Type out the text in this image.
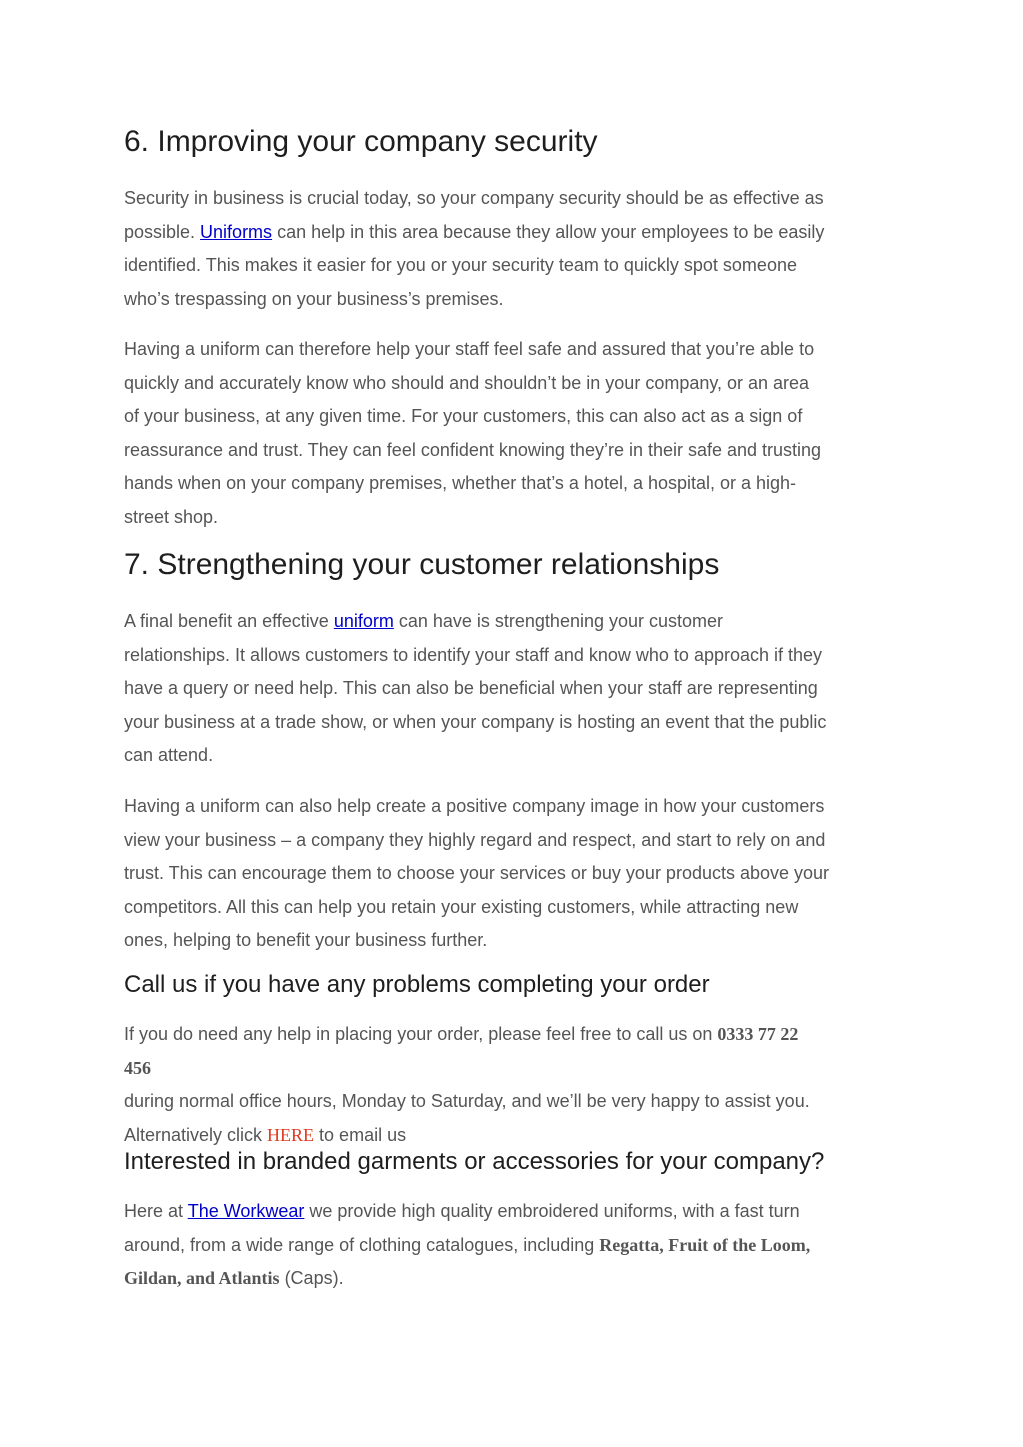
6. Improving your company security

Security in business is crucial today, so your company security should be as effective as
possible. Uniforms can help in this area because they allow your employees to be easily
identified. This makes it easier for you or your security team to quickly spot someone
who’s trespassing on your business’s premises.

Having a uniform can therefore help your staff feel safe and assured that you’re able to
quickly and accurately know who should and shouldn’t be in your company, or an area
of your business, at any given time. For your customers, this can also act as a sign of
reassurance and trust. They can feel confident knowing they’re in their safe and trusting
hands when on your company premises, whether that’s a hotel, a hospital, or a high-
street shop.

7. Strengthening your customer relationships

A final benefit an effective uniform can have is strengthening your customer
relationships. It allows customers to identify your staff and know who to approach if they
have a query or need help. This can also be beneficial when your staff are representing
your business at a trade show, or when your company is hosting an event that the public
can attend.

Having a uniform can also help create a positive company image in how your customers
view your business – a company they highly regard and respect, and start to rely on and
trust. This can encourage them to choose your services or buy your products above your
competitors. All this can help you retain your existing customers, while attracting new
ones, helping to benefit your business further.

Call us if you have any problems completing your order

If you do need any help in placing your order, please feel free to call us on 0333 77 22
456
during normal office hours, Monday to Saturday, and we’ll be very happy to assist you.
Alternatively click HERE to email us

Interested in branded garments or accessories for your company?

Here at The Workwear we provide high quality embroidered uniforms, with a fast turn
around, from a wide range of clothing catalogues, including Regatta, Fruit of the Loom,
Gildan, and Atlantis (Caps).
